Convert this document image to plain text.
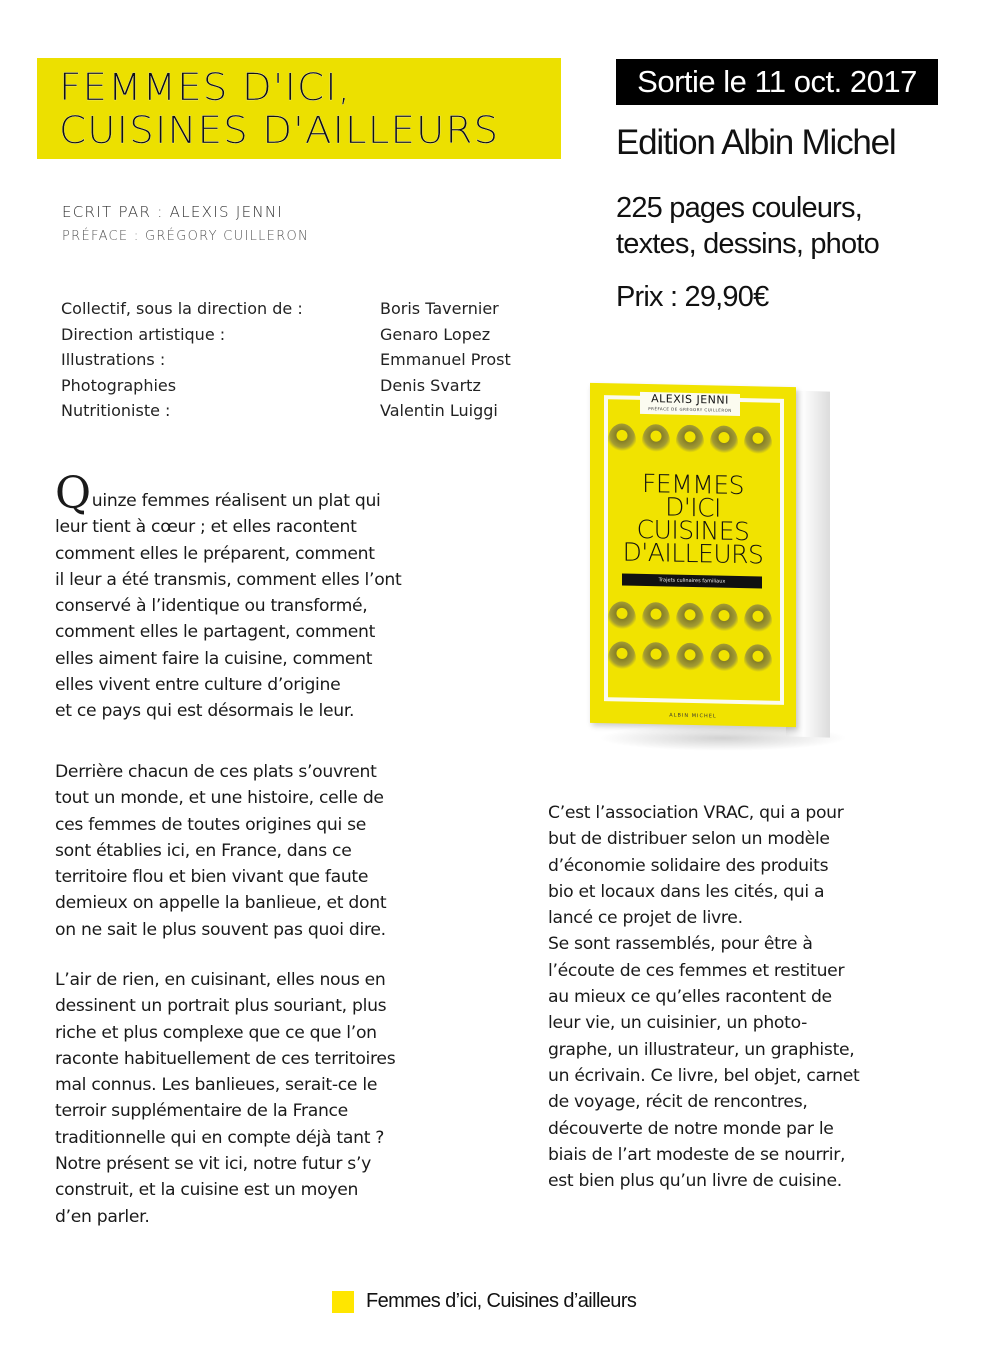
FEMMES D'ICI,
CUISINES D'AILLEURS
ECRIT PAR : ALEXIS JENNI
PRÉFACE : GRÉGORY CUILLERON
Collectif, sous la direction de :	Boris Tavernier
Direction artistique :	Genaro Lopez
Illustrations :	Emmanuel Prost
Photographies	Denis Svartz
Nutritioniste :	Valentin Luiggi
Sortie le 11 oct. 2017
Edition Albin Michel
225 pages couleurs,
textes, dessins, photo
Prix : 29,90€
ALEXIS JENNI
PRÉFACE DE GRÉGORY CUILLERON
FEMMES
D'ICI
CUISINES
D'AILLEURS
Trajets culinaires familiaux
ALBIN MICHEL

Quinze femmes réalisent un plat qui

leur tient à cœur ; et elles racontent

comment elles le préparent, comment

il leur a été transmis, comment elles l’ont

conservé à l’identique ou transformé,

comment elles le partagent, comment

elles aiment faire la cuisine, comment

elles vivent entre culture d’origine

et ce pays qui est désormais le leur.

Derrière chacun de ces plats s’ouvrent

tout un monde, et une histoire, celle de

ces femmes de toutes origines qui se

sont établies ici, en France, dans ce

territoire flou et bien vivant que faute

demieux on appelle la banlieue, et dont

on ne sait le plus souvent pas quoi dire.

L’air de rien, en cuisinant, elles nous en

dessinent un portrait plus souriant, plus

riche et plus complexe que ce que l’on

raconte habituellement de ces territoires

mal connus. Les banlieues, serait-ce le

terroir supplémentaire de la France

traditionnelle qui en compte déjà tant ?

Notre présent se vit ici, notre futur s’y

construit, et la cuisine est un moyen

d’en parler.

C’est l’association VRAC, qui a pour

but de distribuer selon un modèle

d’économie solidaire des produits

bio et locaux dans les cités, qui a

lancé ce projet de livre.

Se sont rassemblés, pour être à

l’écoute de ces femmes et restituer

au mieux ce qu’elles racontent de

leur vie, un cuisinier, un photo-

graphe, un illustrateur, un graphiste,

un écrivain. Ce livre, bel objet, carnet

de voyage, récit de rencontres,

découverte de notre monde par le

biais de l’art modeste de se nourrir,

est bien plus qu’un livre de cuisine.

Femmes d’ici, Cuisines d’ailleurs
